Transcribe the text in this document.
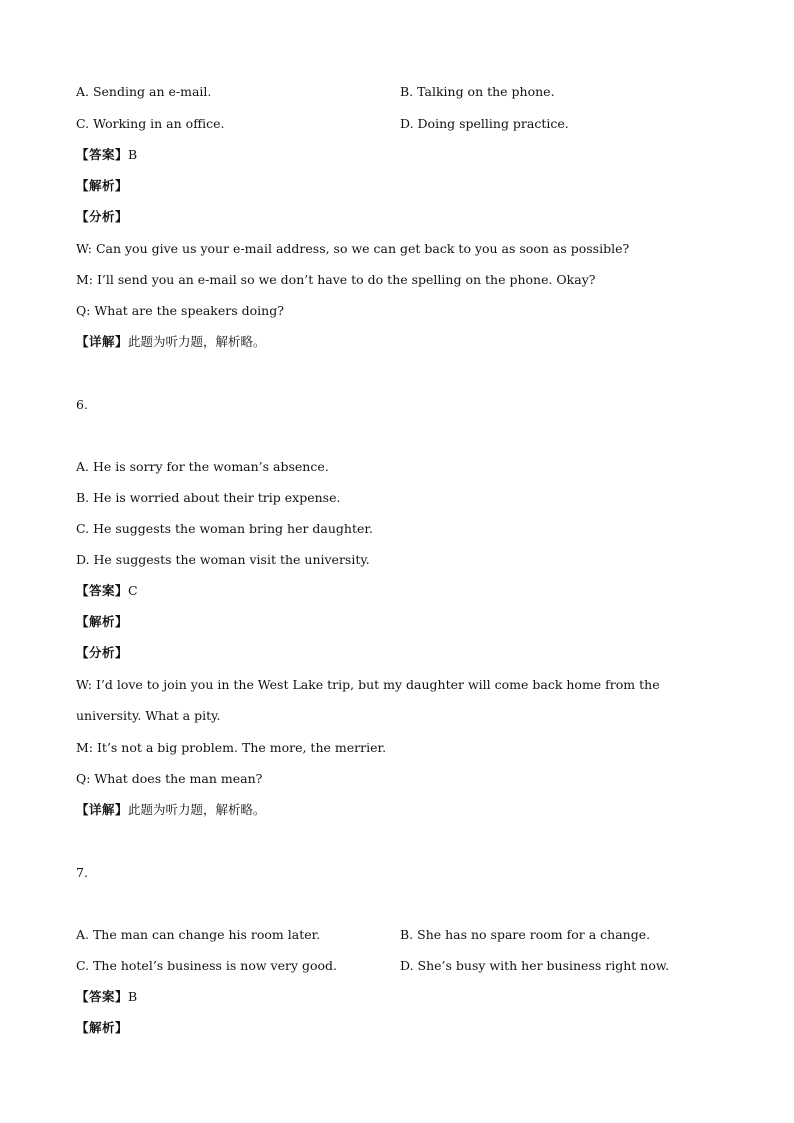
A. Sending an e-mail.	B. Talking on the phone.
C. Working in an office.	D. Doing spelling practice.
【答案】B
【解析】
【分析】
W: Can you give us your e-mail address, so we can get back to you as soon as possible?
M: I’ll send you an e-mail so we don’t have to do the spelling on the phone. Okay?
Q: What are the speakers doing?
【详解】此题为听力题，解析略。
6.
A. He is sorry for the woman’s absence.
B. He is worried about their trip expense.
C. He suggests the woman bring her daughter.
D. He suggests the woman visit the university.
【答案】C
【解析】
【分析】
W: I’d love to join you in the West Lake trip, but my daughter will come back home from the
university. What a pity.
M: It’s not a big problem. The more, the merrier.
Q: What does the man mean?
【详解】此题为听力题，解析略。
7.
A. The man can change his room later.	B. She has no spare room for a change.
C. The hotel’s business is now very good.	D. She’s busy with her business right now.
【答案】B
【解析】
